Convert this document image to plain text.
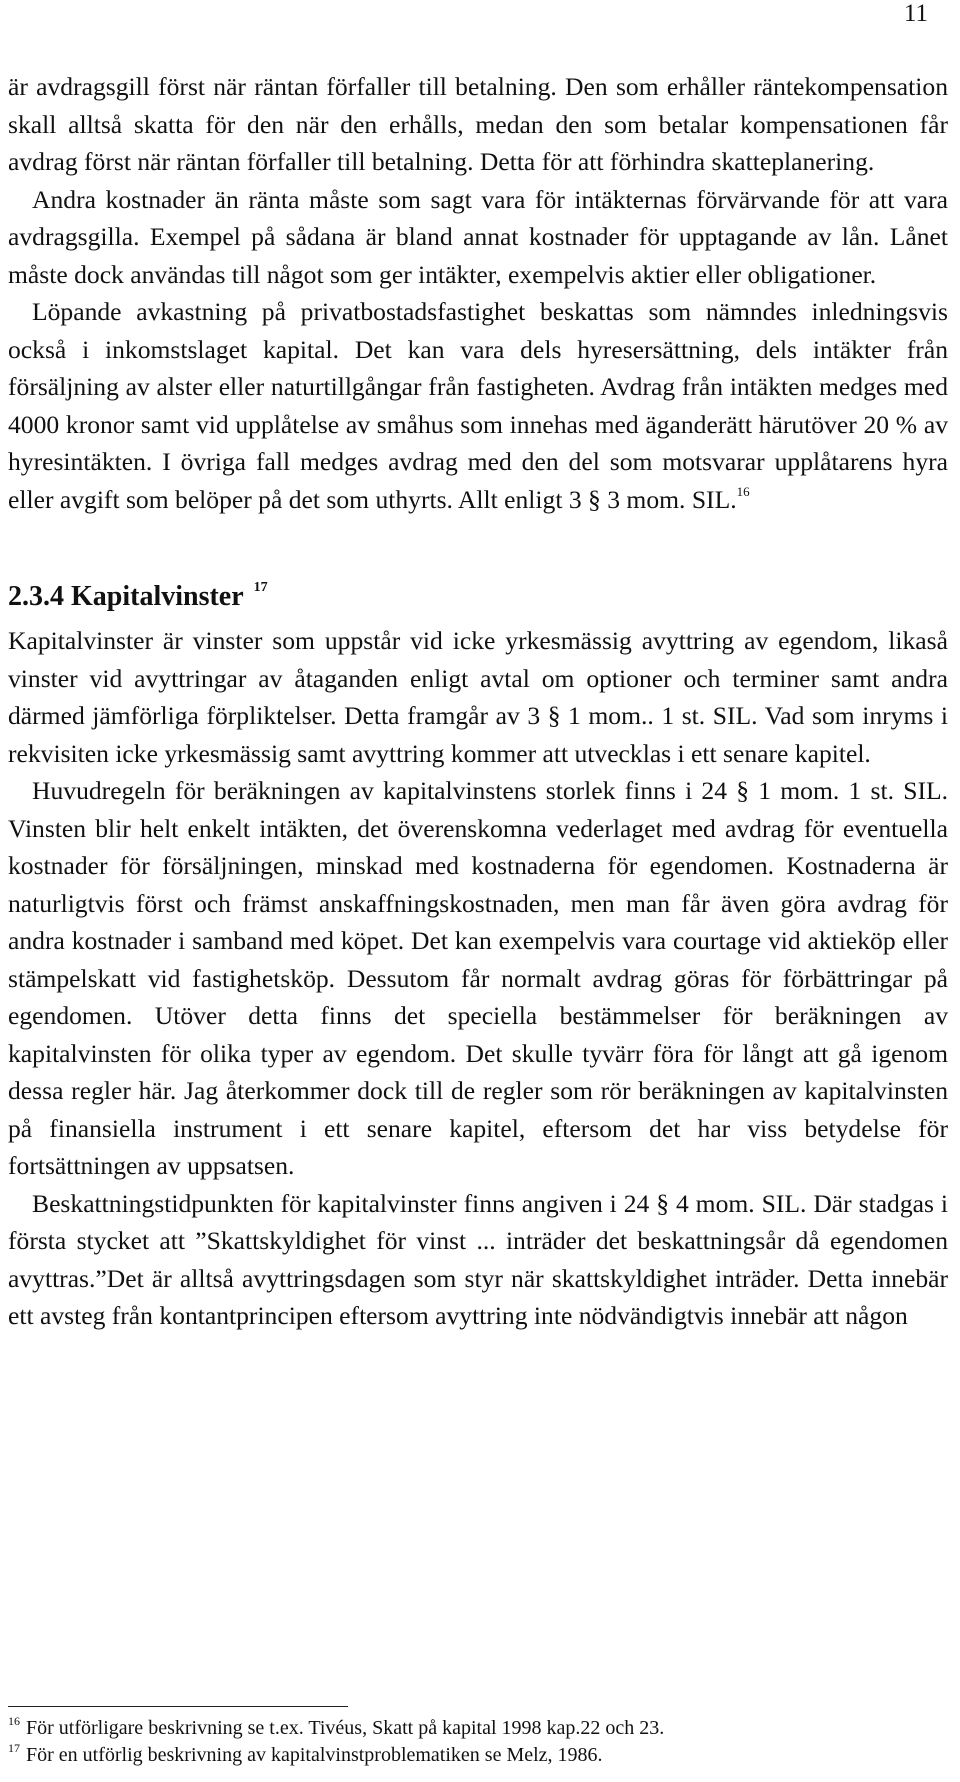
11

är avdragsgill först när räntan förfaller till betalning. Den som erhåller räntekompensation skall alltså skatta för den när den erhålls, medan den som betalar kompensationen får avdrag först när räntan förfaller till betalning. Detta för att förhindra skatteplanering.

Andra kostnader än ränta måste som sagt vara för intäkternas förvärvande för att vara avdragsgilla. Exempel på sådana är bland annat kostnader för upptagande av lån. Lånet måste dock användas till något som ger intäkter, exempelvis aktier eller obligationer.

Löpande avkastning på privatbostadsfastighet beskattas som nämndes inledningsvis också i inkomstslaget kapital. Det kan vara dels hyresersättning, dels intäkter från försäljning av alster eller naturtillgångar från fastigheten. Avdrag från intäkten medges med 4000 kronor samt vid upplåtelse av småhus som innehas med äganderätt härutöver 20 % av hyresintäkten. I övriga fall medges avdrag med den del som motsvarar upplåtarens hyra eller avgift som belöper på det som uthyrts. Allt enligt 3 § 3 mom. SIL.$^{16}$

2.3.4 Kapitalvinster $^{17}$

Kapitalvinster är vinster som uppstår vid icke yrkesmässig avyttring av egendom, likaså vinster vid avyttringar av åtaganden enligt avtal om optioner och terminer samt andra därmed jämförliga förpliktelser. Detta framgår av 3 § 1 mom.. 1 st. SIL. Vad som inryms i rekvisiten icke yrkesmässig samt avyttring kommer att utvecklas i ett senare kapitel.

Huvudregeln för beräkningen av kapitalvinstens storlek finns i 24 § 1 mom. 1 st. SIL. Vinsten blir helt enkelt intäkten, det överenskomna vederlaget med avdrag för eventuella kostnader för försäljningen, minskad med kostnaderna för egendomen. Kostnaderna är naturligtvis först och främst anskaffningskostnaden, men man får även göra avdrag för andra kostnader i samband med köpet. Det kan exempelvis vara courtage vid aktieköp eller stämpelskatt vid fastighetsköp. Dessutom får normalt avdrag göras för förbättringar på egendomen. Utöver detta finns det speciella bestämmelser för beräkningen av kapitalvinsten för olika typer av egendom. Det skulle tyvärr föra för långt att gå igenom dessa regler här. Jag återkommer dock till de regler som rör beräkningen av kapitalvinsten på finansiella instrument i ett senare kapitel, eftersom det har viss betydelse för fortsättningen av uppsatsen.

Beskattningstidpunkten för kapitalvinster finns angiven i 24 § 4 mom. SIL. Där stadgas i första stycket att ”Skattskyldighet för vinst ... inträder det beskattningsår då egendomen avyttras.”Det är alltså avyttringsdagen som styr när skattskyldighet inträder. Detta innebär ett avsteg från kontantprincipen eftersom avyttring inte nödvändigtvis innebär att någon

$^{16}$ För utförligare beskrivning se t.ex. Tivéus, Skatt på kapital 1998 kap.22 och 23.
$^{17}$ För en utförlig beskrivning av kapitalvinstproblematiken se Melz, 1986.
